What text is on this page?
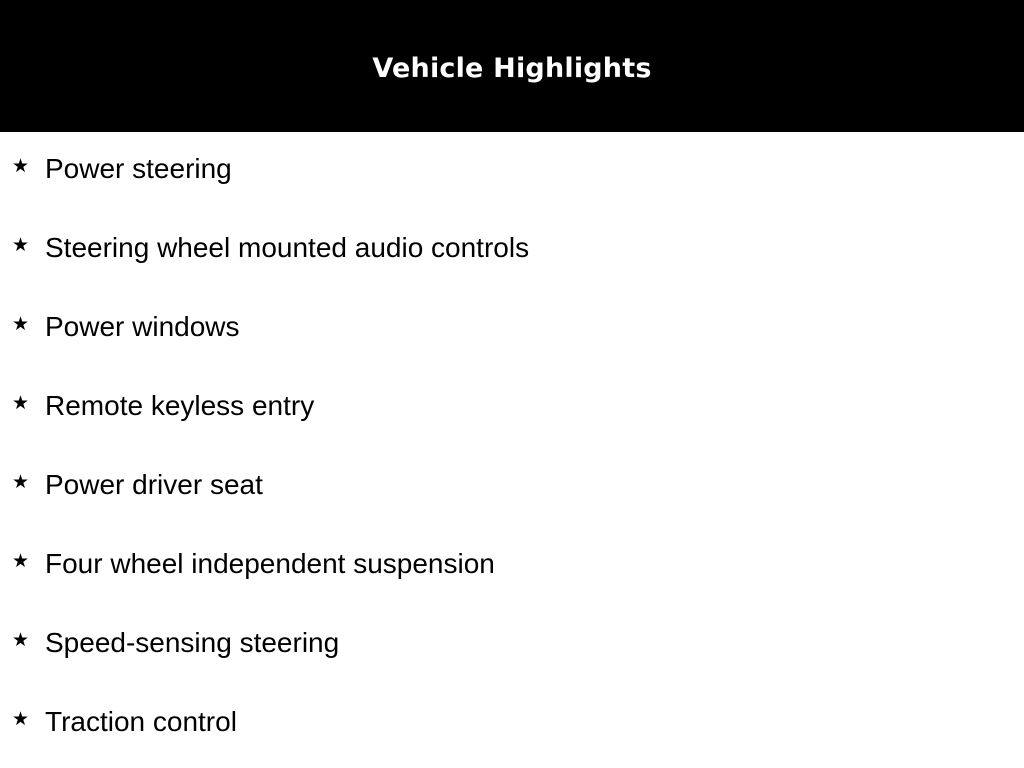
Vehicle Highlights
★ Power steering
★ Steering wheel mounted audio controls
★ Power windows
★ Remote keyless entry
★ Power driver seat
★ Four wheel independent suspension
★ Speed-sensing steering
★ Traction control
